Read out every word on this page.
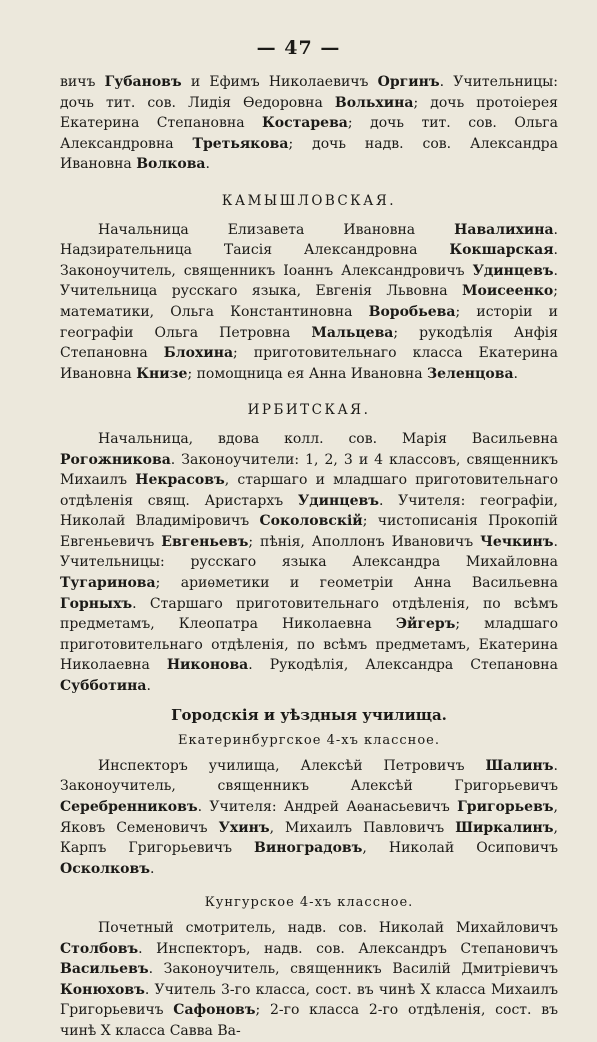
— 47 —

вичъ Губановъ и Ефимъ Николаевичъ Оргинъ. Учительницы: дочь тит. сов. Лидія Ѳедоровна Вольхина; дочь протоіерея Екатерина Степановна Костарева; дочь тит. сов. Ольга Александровна Третьякова; дочь надв. сов. Александра Ивановна Волкова.

КАМЫШЛОВСКАЯ.

Начальница Елизавета Ивановна Навалихина. Надзирательница Таисія Александровна Кокшарская. Законоучитель, священникъ Іоаннъ Александровичъ Удинцевъ. Учительница русскаго языка, Евгенія Львовна Моисеенко; математики, Ольга Константиновна Воробьева; исторіи и географіи Ольга Петровна Мальцева; рукодѣлія Анфія Степановна Блохина; приготовительнаго класса Екатерина Ивановна Книзе; помощница ея Анна Ивановна Зеленцова.

ИРБИТСКАЯ.

Начальница, вдова колл. сов. Марія Васильевна Рогожникова. Законоучители: 1, 2, 3 и 4 классовъ, священникъ Михаилъ Некрасовъ, старшаго и младшаго приготовительнаго отдѣленія свящ. Аристархъ Удинцевъ. Учителя: географіи, Николай Владиміровичъ Соколовскій; чистописанія Прокопій Евгеньевичъ Евгеньевъ; пѣнія, Аполлонъ Ивановичъ Чечкинъ. Учительницы: русскаго языка Александра Михайловна Тугаринова; ариѳметики и геометріи Анна Васильевна Горныхъ. Старшаго приготовительнаго отдѣленія, по всѣмъ предметамъ, Клеопатра Николаевна Эйгеръ; младшаго приготовительнаго отдѣленія, по всѣмъ предметамъ, Екатерина Николаевна Никонова. Рукодѣлія, Александра Степановна Субботина.

Городскія и уѣздныя училища.
Екатеринбургское 4-хъ классное.

Инспекторъ училища, Алексѣй Петровичъ Шалинъ. Законоучитель, священникъ Алексѣй Григорьевичъ Серебренниковъ. Учителя: Андрей Аѳанасьевичъ Григорьевъ, Яковъ Семеновичъ Ухинъ, Михаилъ Павловичъ Шиpкалинъ, Карпъ Григорьевичъ Виноградовъ, Николай Осиповичъ Осколковъ.

Кунгурское 4-хъ классное.

Почетный смотритель, надв. сов. Николай Михайловичъ Столбовъ. Инспекторъ, надв. сов. Александръ Степановичъ Васильевъ. Законоучитель, священникъ Василій Дмитріевичъ Конюховъ. Учитель 3-го класса, сост. въ чинѣ X класса Михаилъ Григорьевичъ Сафоновъ; 2-го класса 2-го отдѣленія, сост. въ чинѣ X класса Савва Ва-
